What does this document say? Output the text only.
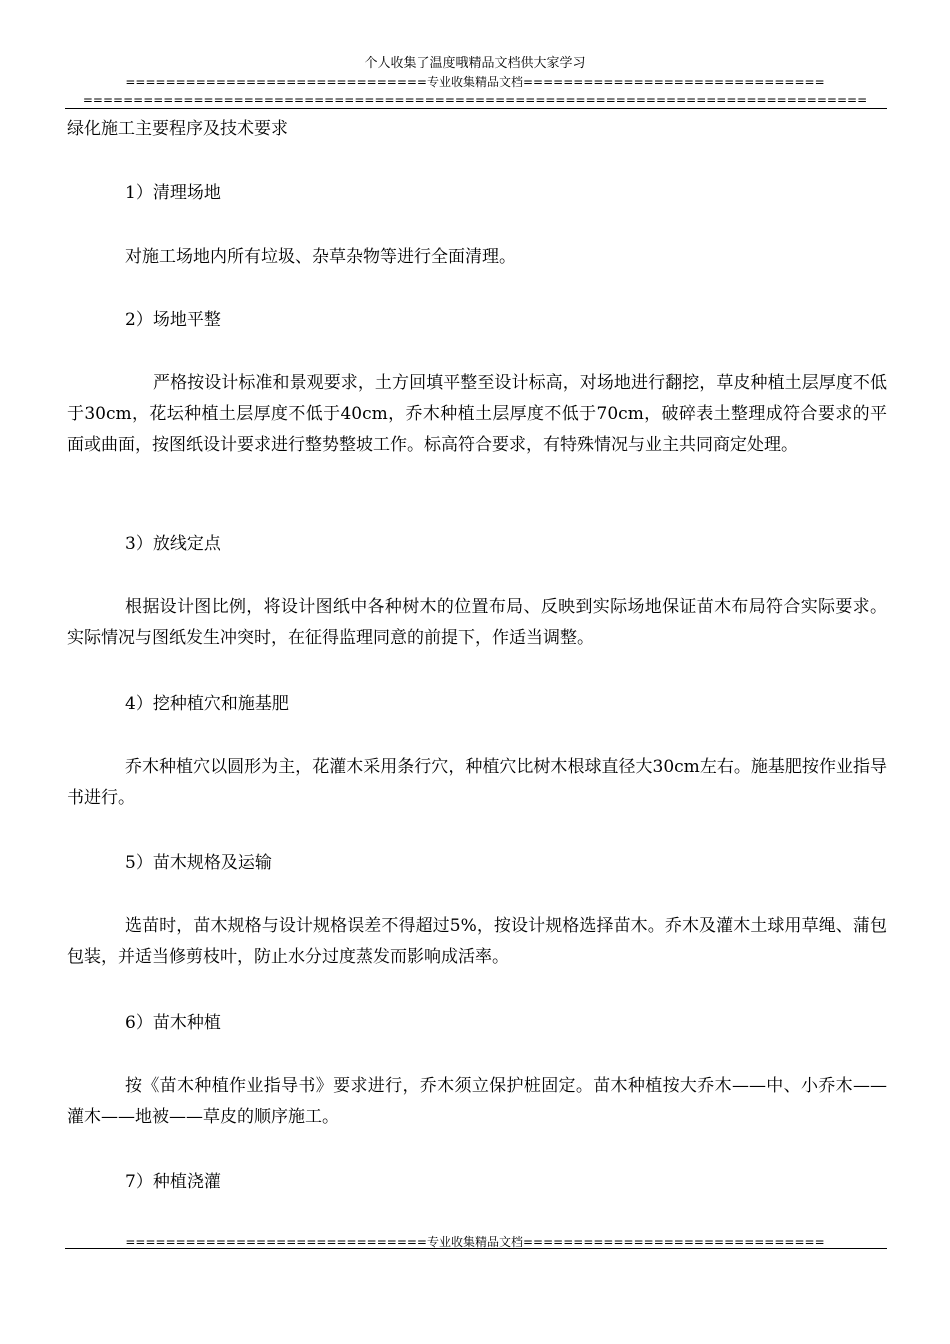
个人收集了温度哦精品文档供大家学习
==============================专业收集精品文档==============================
==============================================================================
绿化施工主要程序及技术要求
1）清理场地
对施工场地内所有垃圾、杂草杂物等进行全面清理。
2）场地平整
严格按设计标准和景观要求，土方回填平整至设计标高，对场地进行翻挖，草皮种植土层厚度不低于30cm，花坛种植土层厚度不低于40cm，乔木种植土层厚度不低于70cm，破碎表土整理成符合要求的平面或曲面，按图纸设计要求进行整势整坡工作。标高符合要求，有特殊情况与业主共同商定处理。
3）放线定点
根据设计图比例，将设计图纸中各种树木的位置布局、反映到实际场地保证苗木布局符合实际要求。实际情况与图纸发生冲突时，在征得监理同意的前提下，作适当调整。
4）挖种植穴和施基肥
乔木种植穴以圆形为主，花灌木采用条行穴，种植穴比树木根球直径大30cm左右。施基肥按作业指导书进行。
5）苗木规格及运输
选苗时，苗木规格与设计规格误差不得超过5%，按设计规格选择苗木。乔木及灌木土球用草绳、蒲包包装，并适当修剪枝叶，防止水分过度蒸发而影响成活率。
6）苗木种植
按《苗木种植作业指导书》要求进行，乔木须立保护桩固定。苗木种植按大乔木——中、小乔木——灌木——地被——草皮的顺序施工。
7）种植浇灌
==============================专业收集精品文档==============================
